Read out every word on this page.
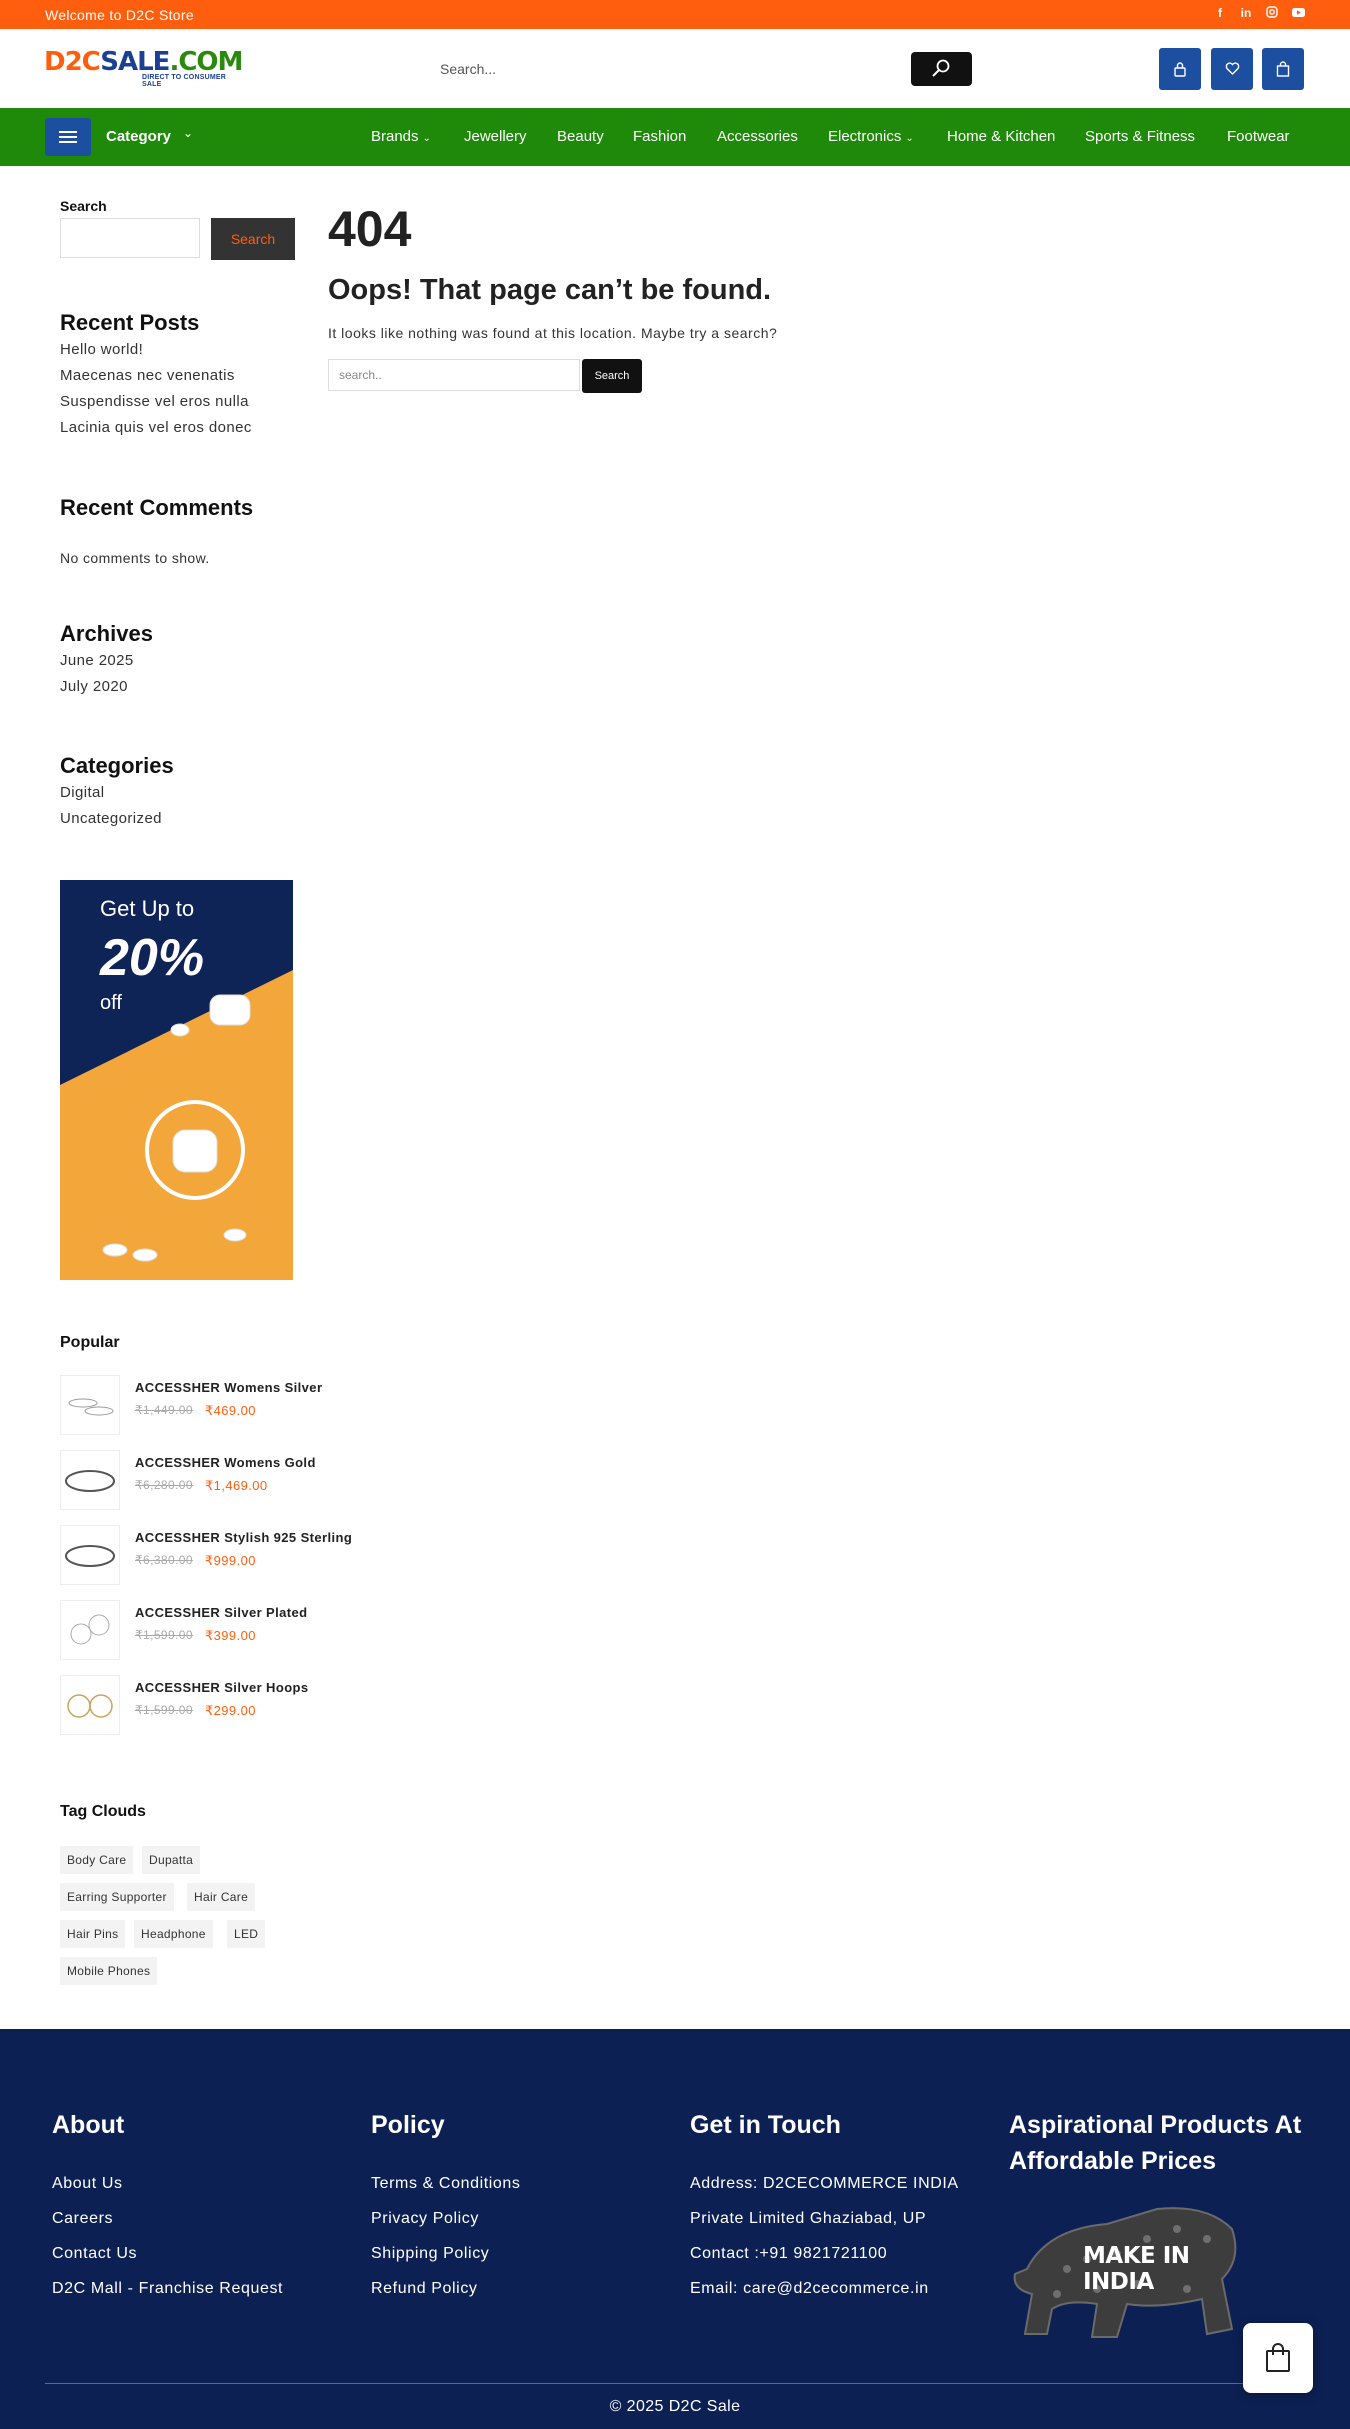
Welcome to D2C Store	f	in
D2CSALE.COM
DIRECT TO CONSUMER SALE
Search...
Category ⌄	Brands ⌄ Jewellery Beauty Fashion Accessories Electronics ⌄ Home & Kitchen Sports & Fitness Footwear
Search
Search
Recent Posts
Hello world!
Maecenas nec venenatis
Suspendisse vel eros nulla
Lacinia quis vel eros donec
Recent Comments
No comments to show.
Archives
June 2025
July 2020
Categories
Digital
Uncategorized
Get Up to
20%
off
Popular
ACCESSHER Womens Silver
₹1,449.00 ₹469.00
ACCESSHER Womens Gold
₹6,280.00 ₹1,469.00
ACCESSHER Stylish 925 Sterling
₹6,380.00 ₹999.00
ACCESSHER Silver Plated
₹1,599.00 ₹399.00
ACCESSHER Silver Hoops
₹1,599.00 ₹299.00
Tag Clouds
Body Care	Dupatta
Earring Supporter	Hair Care
Hair Pins	Headphone	LED
Mobile Phones
404
Oops! That page can’t be found.
It looks like nothing was found at this location. Maybe try a search?
search..
Search
About
About Us
Careers
Contact Us
D2C Mall - Franchise Request
Policy
Terms & Conditions
Privacy Policy
Shipping Policy
Refund Policy
Get in Touch
Address: D2CECOMMERCE INDIA
Private Limited Ghaziabad, UP
Contact :+91 9821721100
Email: care@d2cecommerce.in
Aspirational Products At Affordable Prices
MAKE IN INDIA
© 2025 D2C Sale
